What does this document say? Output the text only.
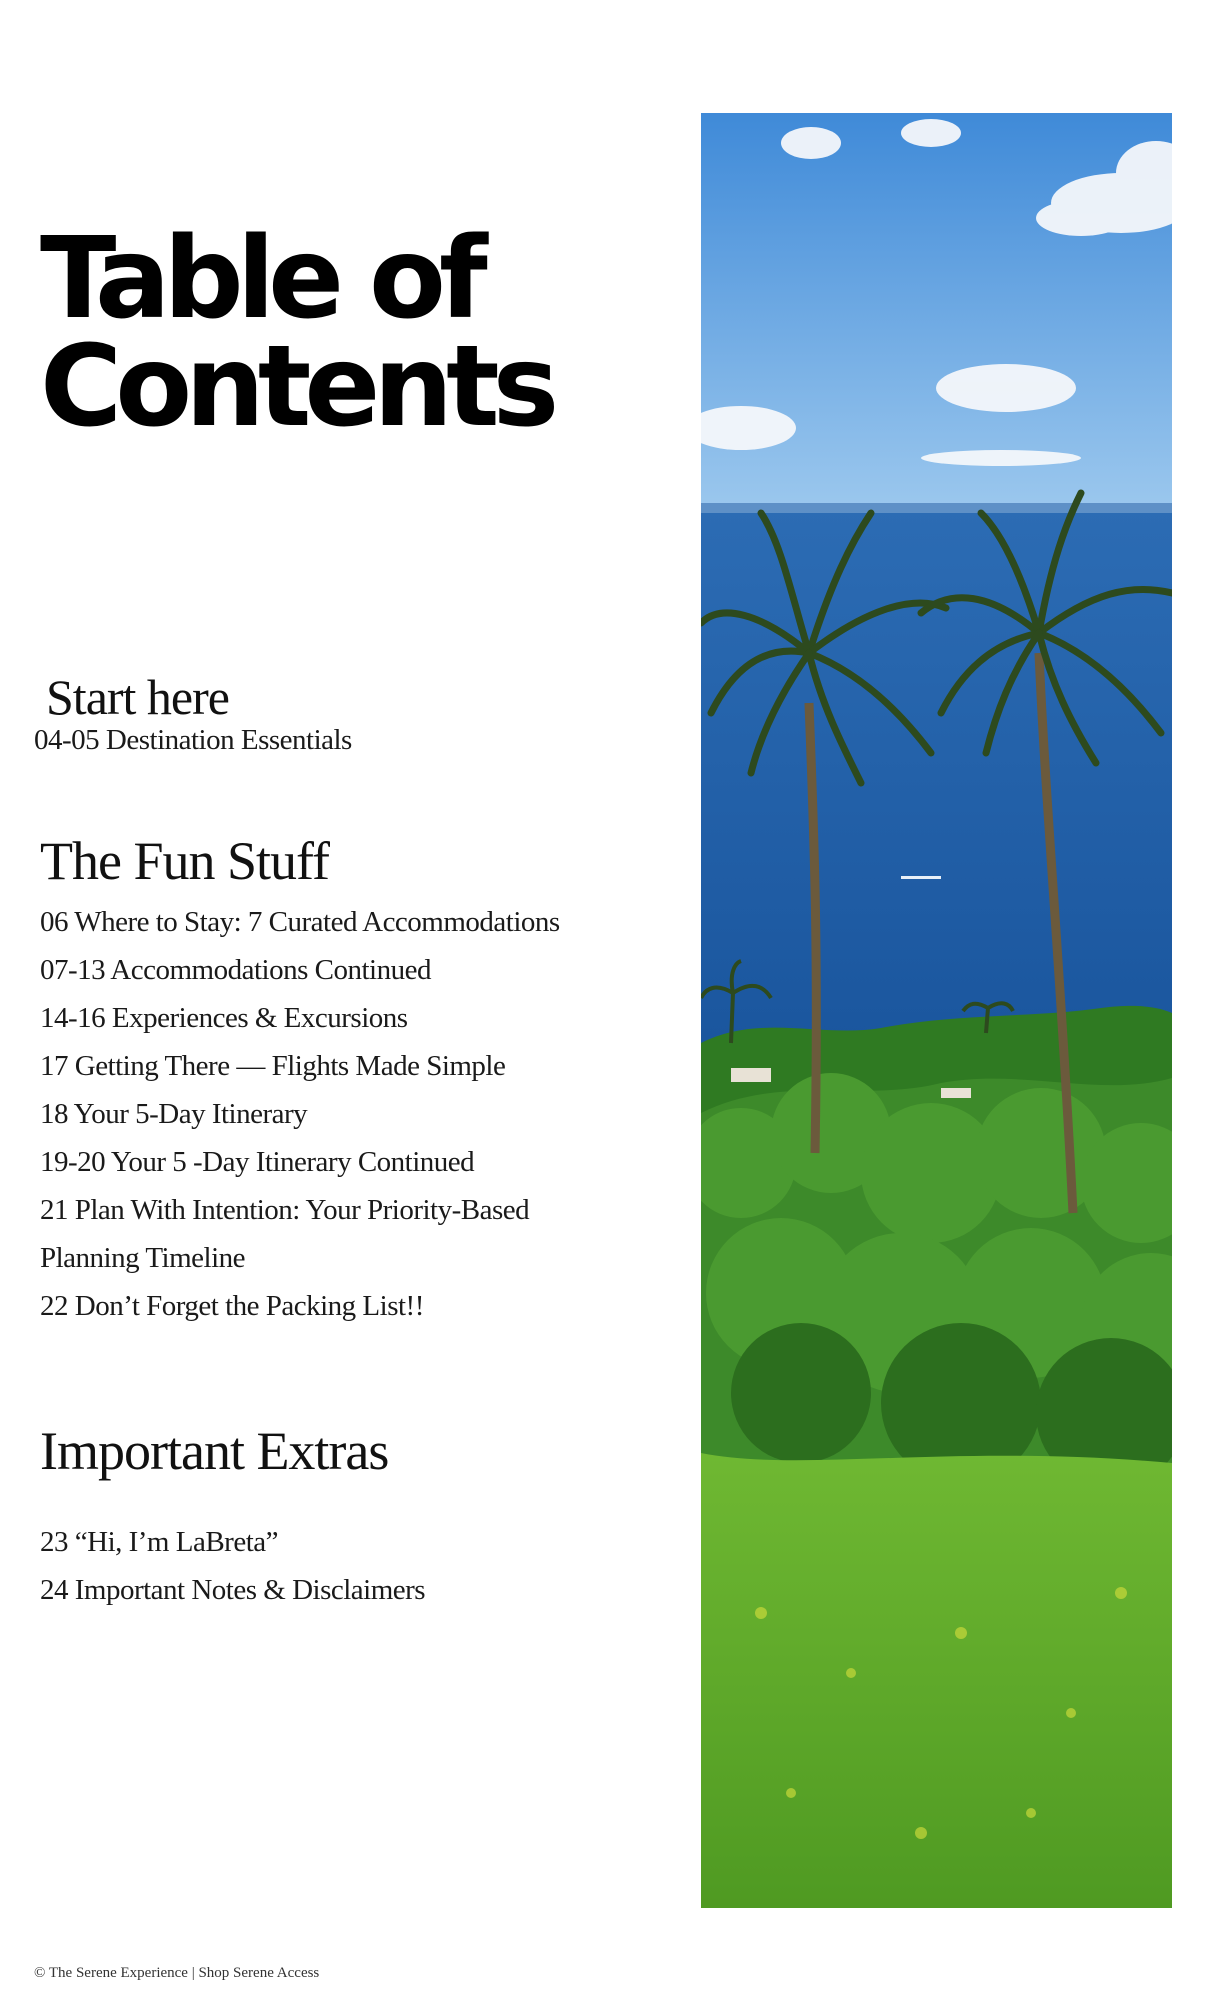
Table of
Contents
Start here

04-05 Destination Essentials

The Fun Stuff
06 Where to Stay: 7 Curated Accommodations
07-13 Accommodations Continued
14-16 Experiences & Excursions
17 Getting There — Flights Made Simple
18 Your 5-Day Itinerary
19-20 Your 5 -Day Itinerary Continued
21 Plan With Intention: Your Priority-Based
Planning Timeline
22 Don’t Forget the Packing List!!
Important Extras
23 “Hi, I’m LaBreta”
24 Important Notes & Disclaimers
© The Serene Experience | Shop Serene Access
